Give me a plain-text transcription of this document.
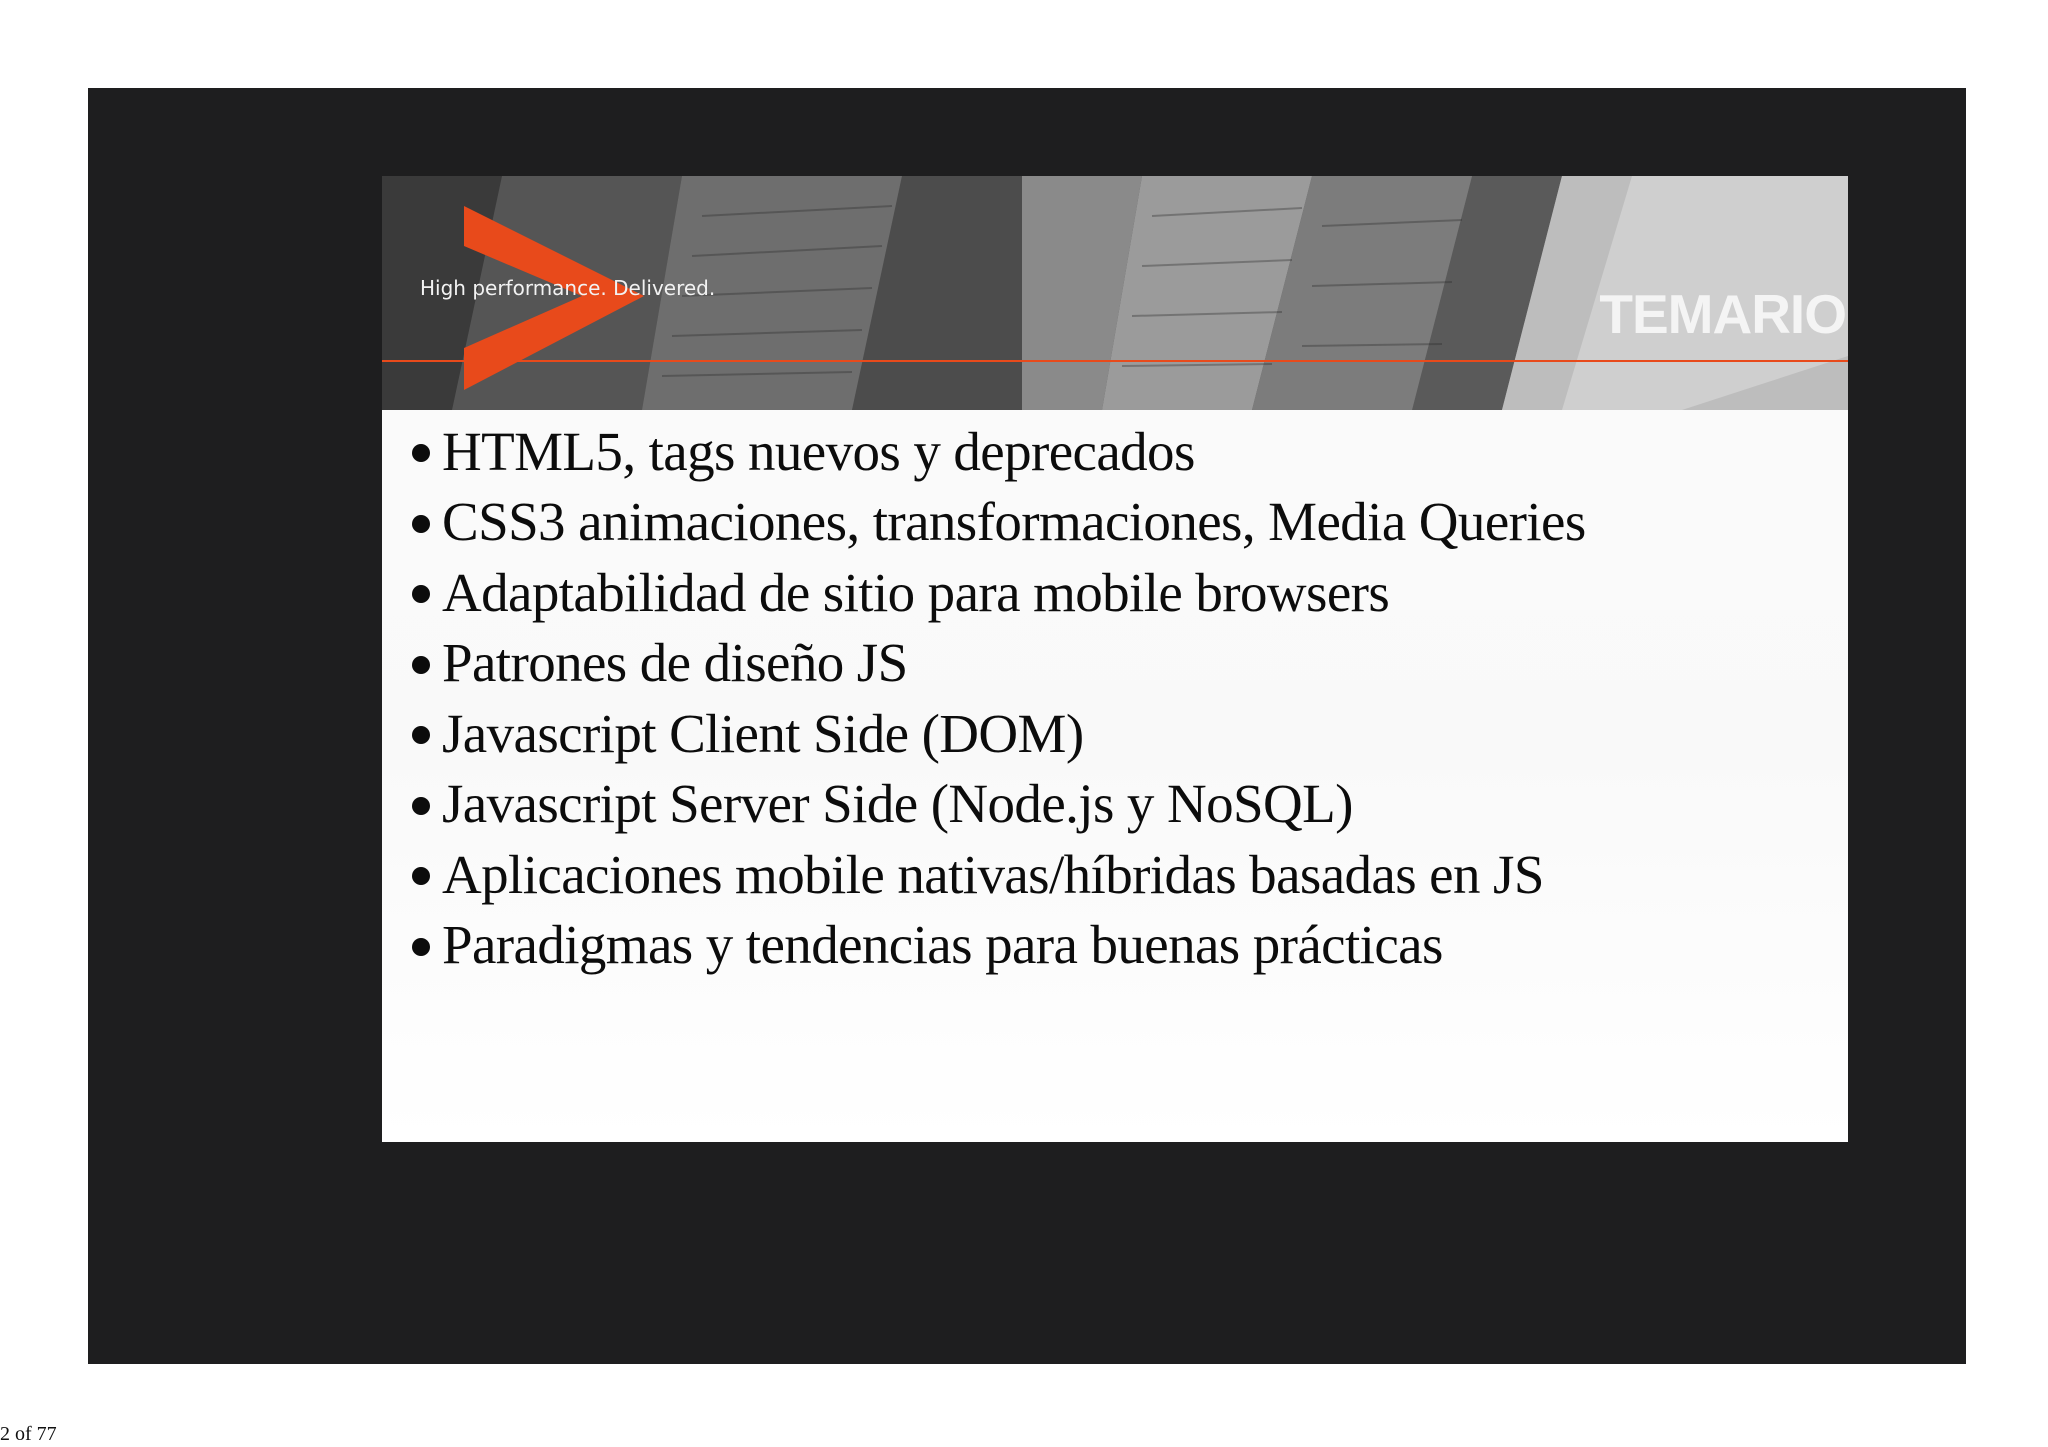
High performance. Delivered.	TEMARIO
HTML5, tags nuevos y deprecados
CSS3 animaciones, transformaciones, Media Queries
Adaptabilidad de sitio para mobile browsers
Patrones de diseño JS
Javascript Client Side (DOM)
Javascript Server Side (Node.js y NoSQL)
Aplicaciones mobile nativas/híbridas basadas en JS
Paradigmas y tendencias para buenas prácticas
2 of 77
